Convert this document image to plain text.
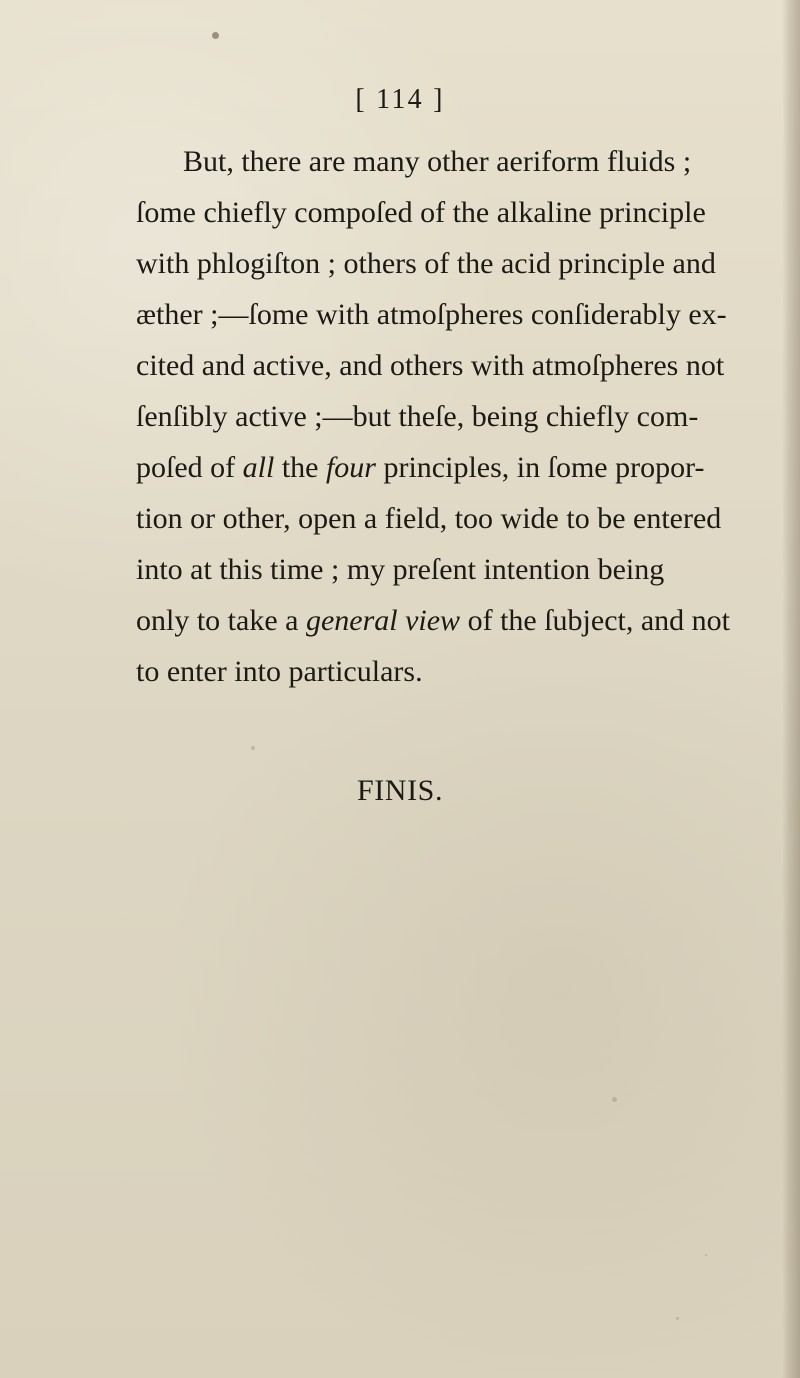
[ 114 ]
But, there are many other aeriform fluids ;
ſome chiefly compoſed of the alkaline principle
with phlogiſton ; others of the acid principle and
æther ;—ſome with atmoſpheres conſiderably ex-
cited and active, and others with atmoſpheres not
ſenſibly active ;—but theſe, being chiefly com-
poſed of all the four principles, in ſome propor-
tion or other, open a field, too wide to be entered
into at this time ; my preſent intention being
only to take a general view of the ſubject, and not
to enter into particulars.
FINIS.
